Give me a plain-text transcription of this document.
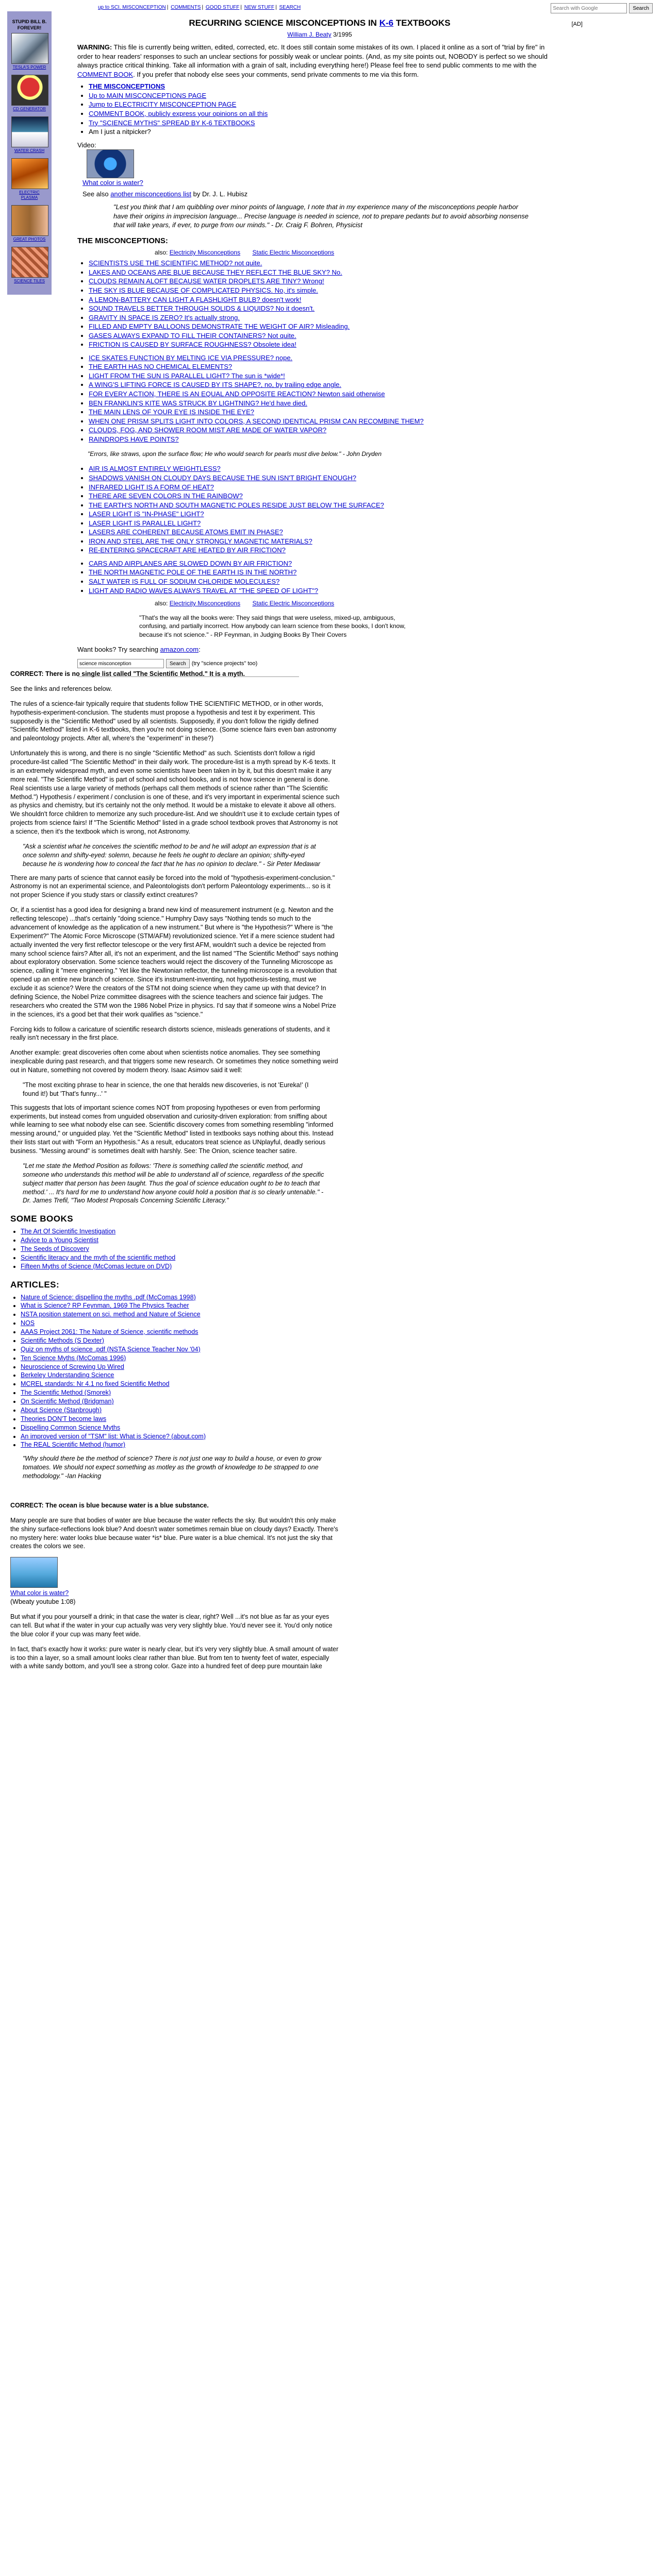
up to SCI. MISCONCEPTION | COMMENTS | GOOD STUFF | NEW STUFF | SEARCH
Search with Google	Search
STUPID BILL B. FOREVER!
TESLA'S POWER
CD GENERATOR
WATER CRASH
ELECTRIC PLASMA
GREAT PHOTOS
SCIENCE TILES
RECURRING SCIENCE MISCONCEPTIONS IN K-6 TEXTBOOKS	[AD]
William J. Beaty 3/1995

WARNING: This file is currently being written, edited, corrected, etc. It does still contain some mistakes of its own. I placed it online as a sort of "trial by fire" in order to hear readers' responses to such an unclear sections for possibly weak or unclear points. (And, as my site points out, NOBODY is perfect so we should always practice critical thinking. Take all information with a grain of salt, including everything here!) Please feel free to send public comments to me with the COMMENT BOOK. If you prefer that nobody else sees your comments, send private comments to me via this form.

• THE MISCONCEPTIONS
• Up to MAIN MISCONCEPTIONS PAGE
• Jump to ELECTRICITY MISCONCEPTION PAGE
• COMMENT BOOK, publicly express your opinions on all this
• Try "SCIENCE MYTHS" SPREAD BY K-6 TEXTBOOKS
• Am I just a nitpicker?
Video:
What color is water?
See also another misconceptions list by Dr. J. L. Hubisz
"Lest you think that I am quibbling over minor points of language, I note that in my experience many of the misconceptions people harbor have their origins in imprecision language... Precise language is needed in science, not to prepare pedants but to avoid absorbing nonsense that will take years, if ever, to purge from our minds." - Dr. Craig F. Bohren, Physicist
THE MISCONCEPTIONS:
also: Electricity Misconceptions Static Electric Misconceptions
• SCIENTISTS USE THE SCIENTIFIC METHOD? not quite.
• LAKES AND OCEANS ARE BLUE BECAUSE THEY REFLECT THE BLUE SKY? No.
• CLOUDS REMAIN ALOFT BECAUSE WATER DROPLETS ARE TINY? Wrong!
• THE SKY IS BLUE BECAUSE OF COMPLICATED PHYSICS. No, it's simple.
• A LEMON-BATTERY CAN LIGHT A FLASHLIGHT BULB? doesn't work!
• SOUND TRAVELS BETTER THROUGH SOLIDS & LIQUIDS? No it doesn't.
• GRAVITY IN SPACE IS ZERO? It's actually strong.
• FILLED AND EMPTY BALLOONS DEMONSTRATE THE WEIGHT OF AIR? Misleading.
• GASES ALWAYS EXPAND TO FILL THEIR CONTAINERS? Not quite.
• FRICTION IS CAUSED BY SURFACE ROUGHNESS? Obsolete idea!
• ICE SKATES FUNCTION BY MELTING ICE VIA PRESSURE? nope.
• THE EARTH HAS NO CHEMICAL ELEMENTS?
• LIGHT FROM THE SUN IS PARALLEL LIGHT? The sun is *wide*!
• A WING'S LIFTING FORCE IS CAUSED BY ITS SHAPE?, no, by trailing edge angle.
• FOR EVERY ACTION, THERE IS AN EQUAL AND OPPOSITE REACTION? Newton said otherwise
• BEN FRANKLIN'S KITE WAS STRUCK BY LIGHTNING? He'd have died.
• THE MAIN LENS OF YOUR EYE IS INSIDE THE EYE?
• WHEN ONE PRISM SPLITS LIGHT INTO COLORS, A SECOND IDENTICAL PRISM CAN RECOMBINE THEM?
• CLOUDS, FOG, AND SHOWER ROOM MIST ARE MADE OF WATER VAPOR?
• RAINDROPS HAVE POINTS?
"Errors, like straws, upon the surface flow; He who would search for pearls must dive below." - John Dryden
• AIR IS ALMOST ENTIRELY WEIGHTLESS?
• SHADOWS VANISH ON CLOUDY DAYS BECAUSE THE SUN ISN'T BRIGHT ENOUGH?
• INFRARED LIGHT IS A FORM OF HEAT?
• THERE ARE SEVEN COLORS IN THE RAINBOW?
• THE EARTH'S NORTH AND SOUTH MAGNETIC POLES RESIDE JUST BELOW THE SURFACE?
• LASER LIGHT IS "IN-PHASE" LIGHT?
• LASER LIGHT IS PARALLEL LIGHT?
• LASERS ARE COHERENT BECAUSE ATOMS EMIT IN PHASE?
• IRON AND STEEL ARE THE ONLY STRONGLY MAGNETIC MATERIALS?
• RE-ENTERING SPACECRAFT ARE HEATED BY AIR FRICTION?
• CARS AND AIRPLANES ARE SLOWED DOWN BY AIR FRICTION?
• THE NORTH MAGNETIC POLE OF THE EARTH IS IN THE NORTH?
• SALT WATER IS FULL OF SODIUM CHLORIDE MOLECULES?
• LIGHT AND RADIO WAVES ALWAYS TRAVEL AT "THE SPEED OF LIGHT"?
also: Electricity Misconceptions Static Electric Misconceptions
"That's the way all the books were: They said things that were useless, mixed-up, ambiguous, confusing, and partially incorrect. How anybody can learn science from these books, I don't know, because it's not science." - RP Feynman, in Judging Books By Their Covers
Want books? Try searching amazon.com:
science misconception
Search	(try "science projects" too)

CORRECT: There is no single list called "The Scientific Method." It is a myth.

See the links and references below.

The rules of a science-fair typically require that students follow THE SCIENTIFIC METHOD, or in other words, hypothesis-experiment-conclusion. The students must propose a hypothesis and test it by experiment. This supposedly is the "Scientific Method" used by all scientists. Supposedly, if you don't follow the rigidly defined "Scientific Method" listed in K-6 textbooks, then you're not doing science. (Some science fairs even ban astronomy and paleontology projects. After all, where's the "experiment" in these?)

Unfortunately this is wrong, and there is no single "Scientific Method" as such. Scientists don't follow a rigid procedure-list called "The Scientific Method" in their daily work. The procedure-list is a myth spread by K-6 texts. It is an extremely widespread myth, and even some scientists have been taken in by it, but this doesn't make it any more real. "The Scientific Method" is part of school and school books, and is not how science in general is done. Real scientists use a large variety of methods (perhaps call them methods of science rather than "The Scientific Method.") Hypothesis / experiment / conclusion is one of these, and it's very important in experimental science such as physics and chemistry, but it's certainly not the only method. It would be a mistake to elevate it above all others. We shouldn't force children to memorize any such procedure-list. And we shouldn't use it to exclude certain types of projects from science fairs! If "The Scientific Method" listed in a grade school textbook proves that Astronomy is not a science, then it's the textbook which is wrong, not Astronomy.

"Ask a scientist what he conceives the scientific method to be and he will adopt an expression that is at once solemn and shifty-eyed: solemn, because he feels he ought to declare an opinion; shifty-eyed because he is wondering how to conceal the fact that he has no opinion to declare." - Sir Peter Medawar

There are many parts of science that cannot easily be forced into the mold of "hypothesis-experiment-conclusion." Astronomy is not an experimental science, and Paleontologists don't perform Paleontology experiments... so is it not proper Science if you study stars or classify extinct creatures?

Or, if a scientist has a good idea for designing a brand new kind of measurement instrument (e.g. Newton and the reflecting telescope) ...that's certainly "doing science." Humphry Davy says "Nothing tends so much to the advancement of knowledge as the application of a new instrument." But where is "the Hypothesis?" Where is "the Experiment?" The Atomic Force Microscope (STM/AFM) revolutionized science. Yet if a mere science student had actually invented the very first reflector telescope or the very first AFM, wouldn't such a device be rejected from many school science fairs? After all, it's not an experiment, and the list named "The Scientific Method" says nothing about exploratory observation. Some science teachers would reject the discovery of the Tunneling Microscope as science, calling it "mere engineering." Yet like the Newtonian reflector, the tunneling microscope is a revolution that opened up an entire new branch of science. Since it's instrument-inventing, not hypothesis-testing, must we exclude it as science? Were the creators of the STM not doing science when they came up with that device? In defining Science, the Nobel Prize committee disagrees with the science teachers and science fair judges. The researchers who created the STM won the 1986 Nobel Prize in physics. I'd say that if someone wins a Nobel Prize in the sciences, it's a good bet that their work qualifies as "science."

Forcing kids to follow a caricature of scientific research distorts science, misleads generations of students, and it really isn't necessary in the first place.

Another example: great discoveries often come about when scientists notice anomalies. They see something inexplicable during past research, and that triggers some new research. Or sometimes they notice something weird out in Nature, something not covered by modern theory. Isaac Asimov said it well:

"The most exciting phrase to hear in science, the one that heralds new discoveries, is not 'Eureka!' (I found it!) but 'That's funny...' "

This suggests that lots of important science comes NOT from proposing hypotheses or even from performing experiments, but instead comes from unguided observation and curiosity-driven exploration: from sniffing about while learning to see what nobody else can see. Scientific discovery comes from something resembling "informed messing around," or unguided play. Yet the "Scientific Method" listed in textbooks says nothing about this. Instead their lists start out with "Form an Hypothesis." As a result, educators treat science as UNplayful, deadly serious business. "Messing around" is sometimes dealt with harshly. See: The Onion, science teacher satire.

"Let me state the Method Position as follows: 'There is something called the scientific method, and someone who understands this method will be able to understand all of science, regardless of the specific subject matter that person has been taught. Thus the goal of science education ought to be to teach that method.' ... It's hard for me to understand how anyone could hold a position that is so clearly untenable." - Dr. James Trefil, "Two Modest Proposals Concerning Scientific Literacy."
SOME BOOKS
• The Art Of Scientific Investigation
• Advice to a Young Scientist
• The Seeds of Discovery
• Scientific literacy and the myth of the scientific method
• Fifteen Myths of Science (McComas lecture on DVD)
ARTICLES:
• Nature of Science: dispelling the myths .pdf (McComas 1998)
• What is Science? RP Feynman, 1969 The Physics Teacher
• NSTA position statement on sci. method and Nature of Science
• NOS
• AAAS Project 2061: The Nature of Science, scientific methods
• Scientific Methods (S Dexter)
• Quiz on myths of science .pdf (NSTA Science Teacher Nov '04)
• Ten Science Myths (McComas 1996)
• Neuroscience of Screwing Up Wired
• Berkeley Understanding Science
• MCREL standards: Nr 4.1 no fixed Scientific Method
• The Scientific Method (Smorek)
• On Scientific Method (Bridgman)
• About Science (Stanbrough)
• Theories DON'T become laws
• Dispelling Common Science Myths
• An improved version of "TSM" list: What is Science? (about.com)
• The REAL Scientific Method (humor)
"Why should there be the method of science? There is not just one way to build a house, or even to grow tomatoes. We should not expect something as motley as the growth of knowledge to be strapped to one methodology." -Ian Hacking

CORRECT: The ocean is blue because water is a blue substance.

Many people are sure that bodies of water are blue because the water reflects the sky. But wouldn't this only make the shiny surface-reflections look blue? And doesn't water sometimes remain blue on cloudy days? Exactly. There's no mystery here: water looks blue because water *is* blue. Pure water is a blue chemical. It's not just the sky that creates the colors we see.

What color is water?
(Wbeaty youtube 1:08)

But what if you pour yourself a drink; in that case the water is clear, right? Well ...it's not blue as far as your eyes can tell. But what if the water in your cup actually was very very slightly blue. You'd never see it. You'd only notice the blue color if your cup was many feet wide.

In fact, that's exactly how it works: pure water is nearly clear, but it's very very slightly blue. A small amount of water is too thin a layer, so a small amount looks clear rather than blue. But from ten to twenty feet of water, especially with a white sandy bottom, and you'll see a strong color. Gaze into a hundred feet of deep pure mountain lake
